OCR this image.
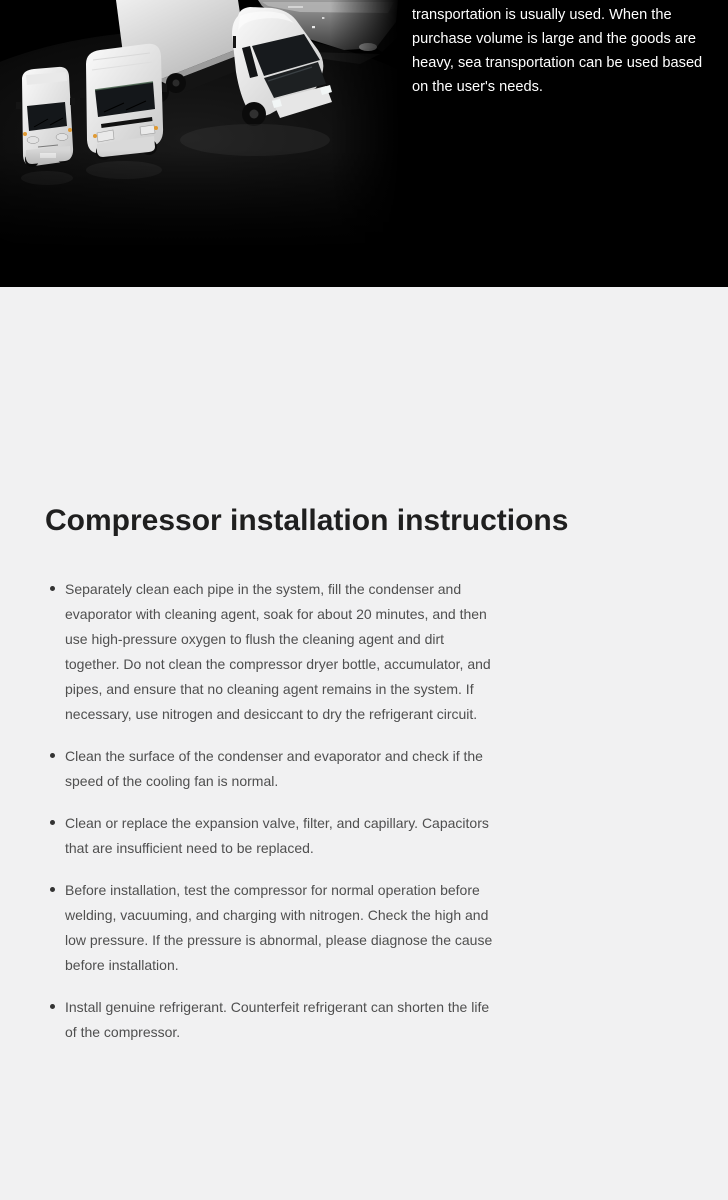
transportation is usually used. When the purchase volume is large and the goods are heavy, sea transportation can be used based on the user's needs.

Compressor installation instructions
Separately clean each pipe in the system, fill the condenser and evaporator with cleaning agent, soak for about 20 minutes, and then use high-pressure oxygen to flush the cleaning agent and dirt together. Do not clean the compressor dryer bottle, accumulator, and pipes, and ensure that no cleaning agent remains in the system. If necessary, use nitrogen and desiccant to dry the refrigerant circuit.
Clean the surface of the condenser and evaporator and check if the speed of the cooling fan is normal.
Clean or replace the expansion valve, filter, and capillary. Capacitors that are insufficient need to be replaced.
Before installation, test the compressor for normal operation before welding, vacuuming, and charging with nitrogen. Check the high and low pressure. If the pressure is abnormal, please diagnose the cause before installation.
Install genuine refrigerant. Counterfeit refrigerant can shorten the life of the compressor.
